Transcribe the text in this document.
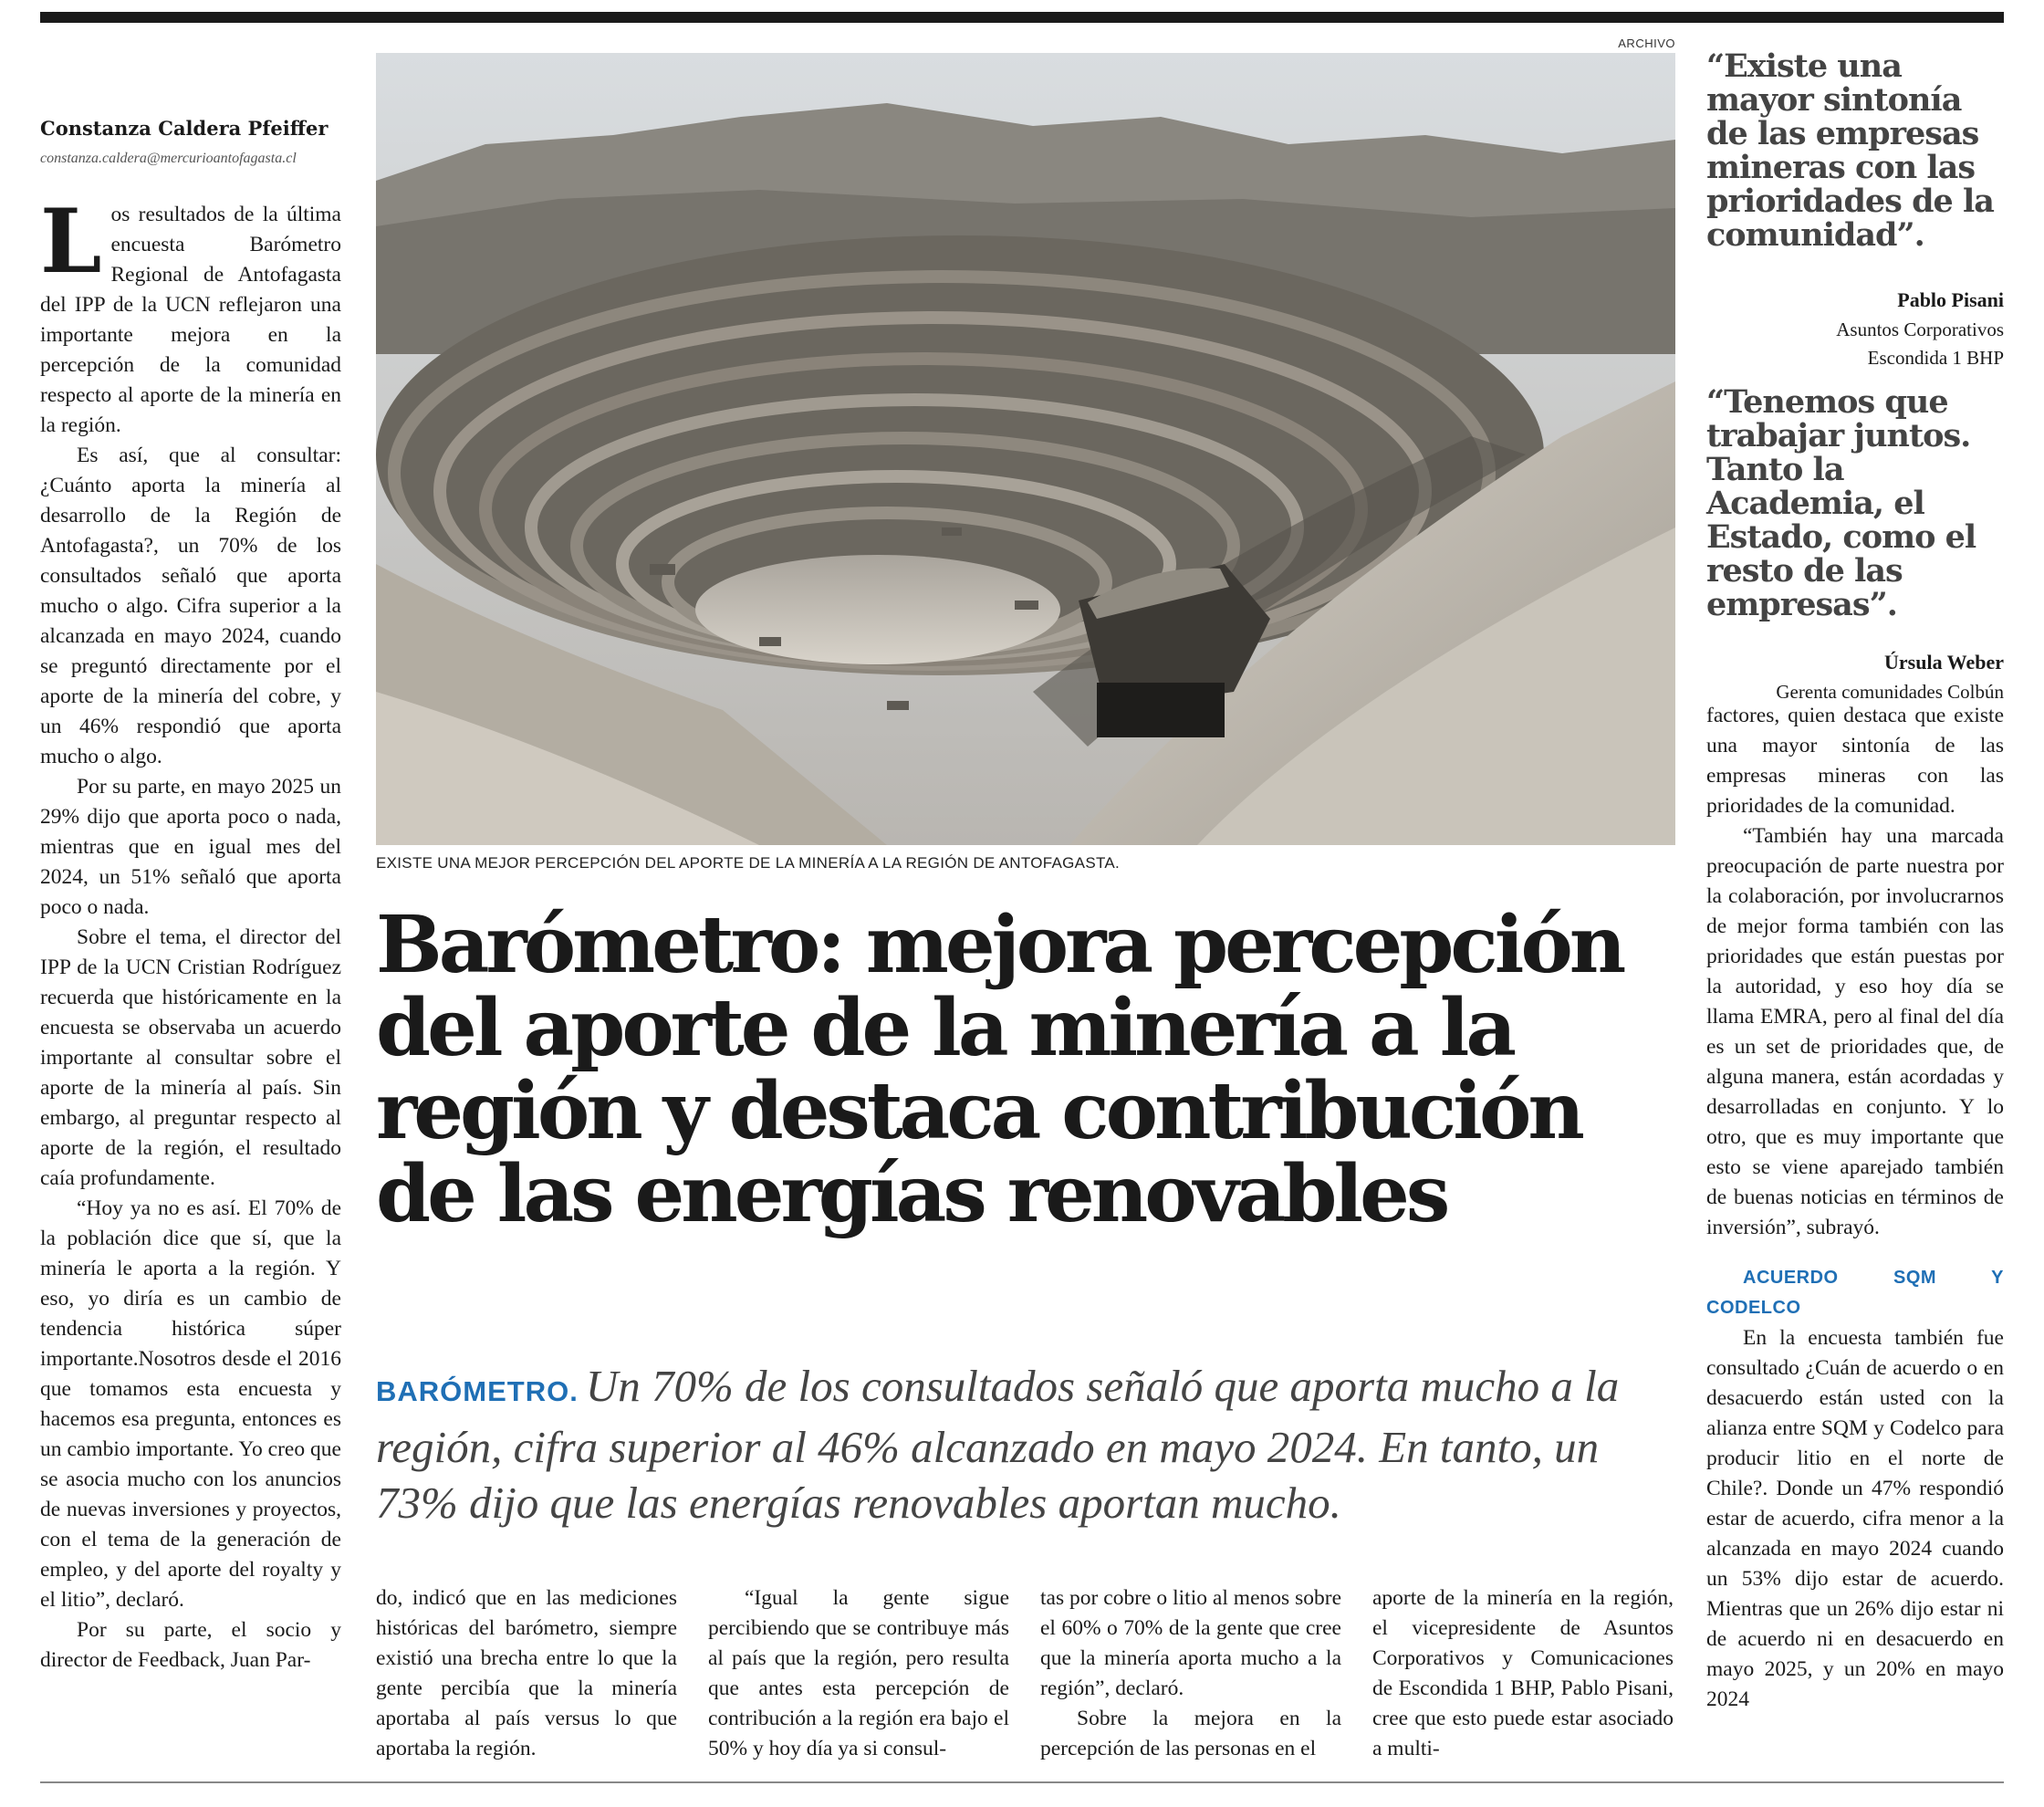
Constanza Caldera Pfeiffer

constanza.caldera@mercurioantofagasta.cl

Los resultados de la última encuesta Barómetro Regional de Antofagasta del IPP de la UCN reflejaron una importante mejora en la percepción de la comunidad respecto al aporte de la minería en la región.

Es así, que al consultar: ¿Cuánto aporta la minería al desarrollo de la Región de Antofagasta?, un 70% de los consultados señaló que aporta mucho o algo. Cifra superior a la alcanzada en mayo 2024, cuando se preguntó directamente por el aporte de la minería del cobre, y un 46% respondió que aporta mucho o algo.

Por su parte, en mayo 2025 un 29% dijo que aporta poco o nada, mientras que en igual mes del 2024, un 51% señaló que aporta poco o nada.

Sobre el tema, el director del IPP de la UCN Cristian Rodríguez recuerda que históricamente en la encuesta se observaba un acuerdo importante al consultar sobre el aporte de la minería al país. Sin embargo, al preguntar respecto al aporte de la región, el resultado caía profundamente.

“Hoy ya no es así. El 70% de la población dice que sí, que la minería le aporta a la región. Y eso, yo diría es un cambio de tendencia histórica súper importante.Nosotros desde el 2016 que tomamos esta encuesta y hacemos esa pregunta, entonces es un cambio importante. Yo creo que se asocia mucho con los anuncios de nuevas inversiones y proyectos, con el tema de la generación de empleo, y del aporte del royalty y el litio”, declaró.

Por su parte, el socio y director de Feedback, Juan Par-

ARCHIVO
EXISTE UNA MEJOR PERCEPCIÓN DEL APORTE DE LA MINERÍA A LA REGIÓN DE ANTOFAGASTA.
Barómetro: mejora percepción del aporte de la minería a la región y destaca contribución de las energías renovables

BARÓMETRO. Un 70% de los consultados señaló que aporta mucho a la región, cifra superior al 46% alcanzado en mayo 2024. En tanto, un 73% dijo que las energías renovables aportan mucho.

do, indicó que en las mediciones históricas del barómetro, siempre existió una brecha entre lo que la gente percibía que la minería aportaba al país versus lo que aportaba la región.

“Igual la gente sigue percibiendo que se contribuye más al país que la región, pero resulta que antes esta percepción de contribución a la región era bajo el 50% y hoy día ya si consul-

tas por cobre o litio al menos sobre el 60% o 70% de la gente que cree que la minería aporta mucho a la región”, declaró.

Sobre la mejora en la percepción de las personas en el

aporte de la minería en la región, el vicepresidente de Asuntos Corporativos y Comunicaciones de Escondida 1 BHP, Pablo Pisani, cree que esto puede estar asociado a multi-

“Existe una mayor sintonía de las empresas mineras con las prioridades de la comunidad”.

Pablo Pisani

Asuntos Corporativos

Escondida 1 BHP

“Tenemos que trabajar juntos. Tanto la Academia, el Estado, como el resto de las empresas”.

Úrsula Weber

Gerenta comunidades Colbún

factores, quien destaca que existe una mayor sintonía de las empresas mineras con las prioridades de la comunidad.

“También hay una marcada preocupación de parte nuestra por la colaboración, por involucrarnos de mejor forma también con las prioridades que están puestas por la autoridad, y eso hoy día se llama EMRA, pero al final del día es un set de prioridades que, de alguna manera, están acordadas y desarrolladas en conjunto. Y lo otro, que es muy importante que esto se viene aparejado también de buenas noticias en términos de inversión”, subrayó.

ACUERDO SQM Y CODELCO

En la encuesta también fue consultado ¿Cuán de acuerdo o en desacuerdo están usted con la alianza entre SQM y Codelco para producir litio en el norte de Chile?. Donde un 47% respondió estar de acuerdo, cifra menor a la alcanzada en mayo 2024 cuando un 53% dijo estar de acuerdo. Mientras que un 26% dijo estar ni de acuerdo ni en desacuerdo en mayo 2025, y un 20% en mayo 2024
